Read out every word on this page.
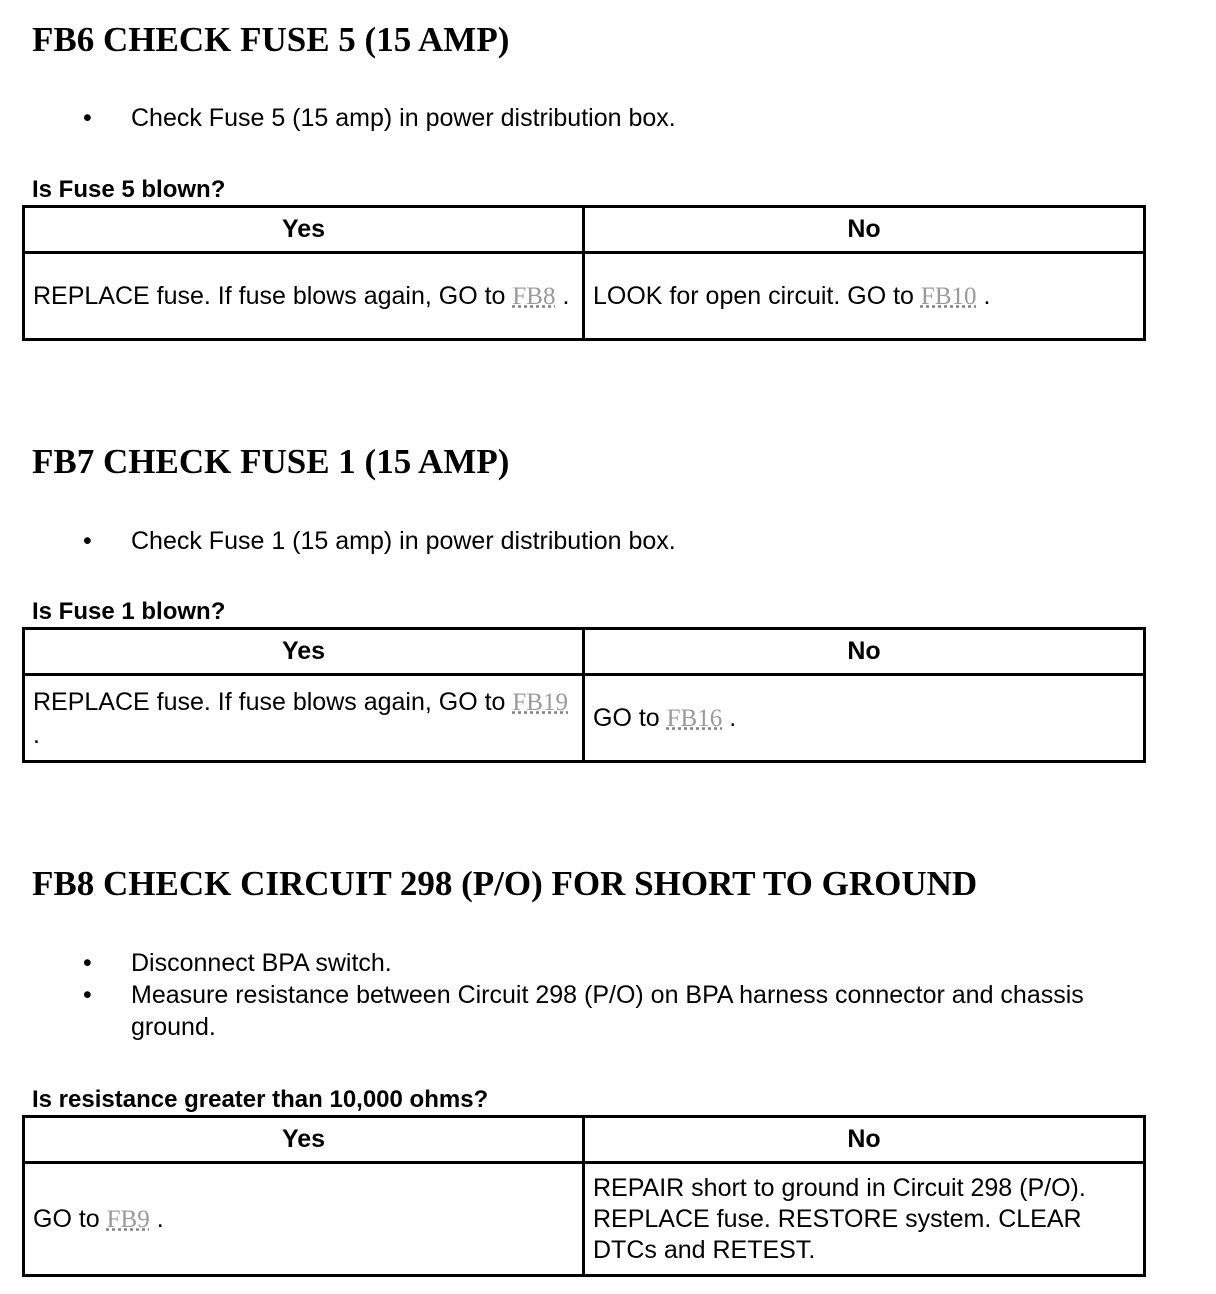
FB6 CHECK FUSE 5 (15 AMP)
• Check Fuse 5 (15 amp) in power distribution box.
Is Fuse 5 blown?
Yes	No
REPLACE fuse. If fuse blows again, GO to FB8 .	LOOK for open circuit. GO to FB10 .
FB7 CHECK FUSE 1 (15 AMP)
• Check Fuse 1 (15 amp) in power distribution box.
Is Fuse 1 blown?
Yes	No
REPLACE fuse. If fuse blows again, GO to FB19 .	GO to FB16 .
FB8 CHECK CIRCUIT 298 (P/O) FOR SHORT TO GROUND
• Disconnect BPA switch.
• Measure resistance between Circuit 298 (P/O) on BPA harness connector and chassis
ground.
Is resistance greater than 10,000 ohms?
Yes	No
GO to FB9 .	REPAIR short to ground in Circuit 298 (P/O). REPLACE fuse. RESTORE system. CLEAR DTCs and RETEST.
